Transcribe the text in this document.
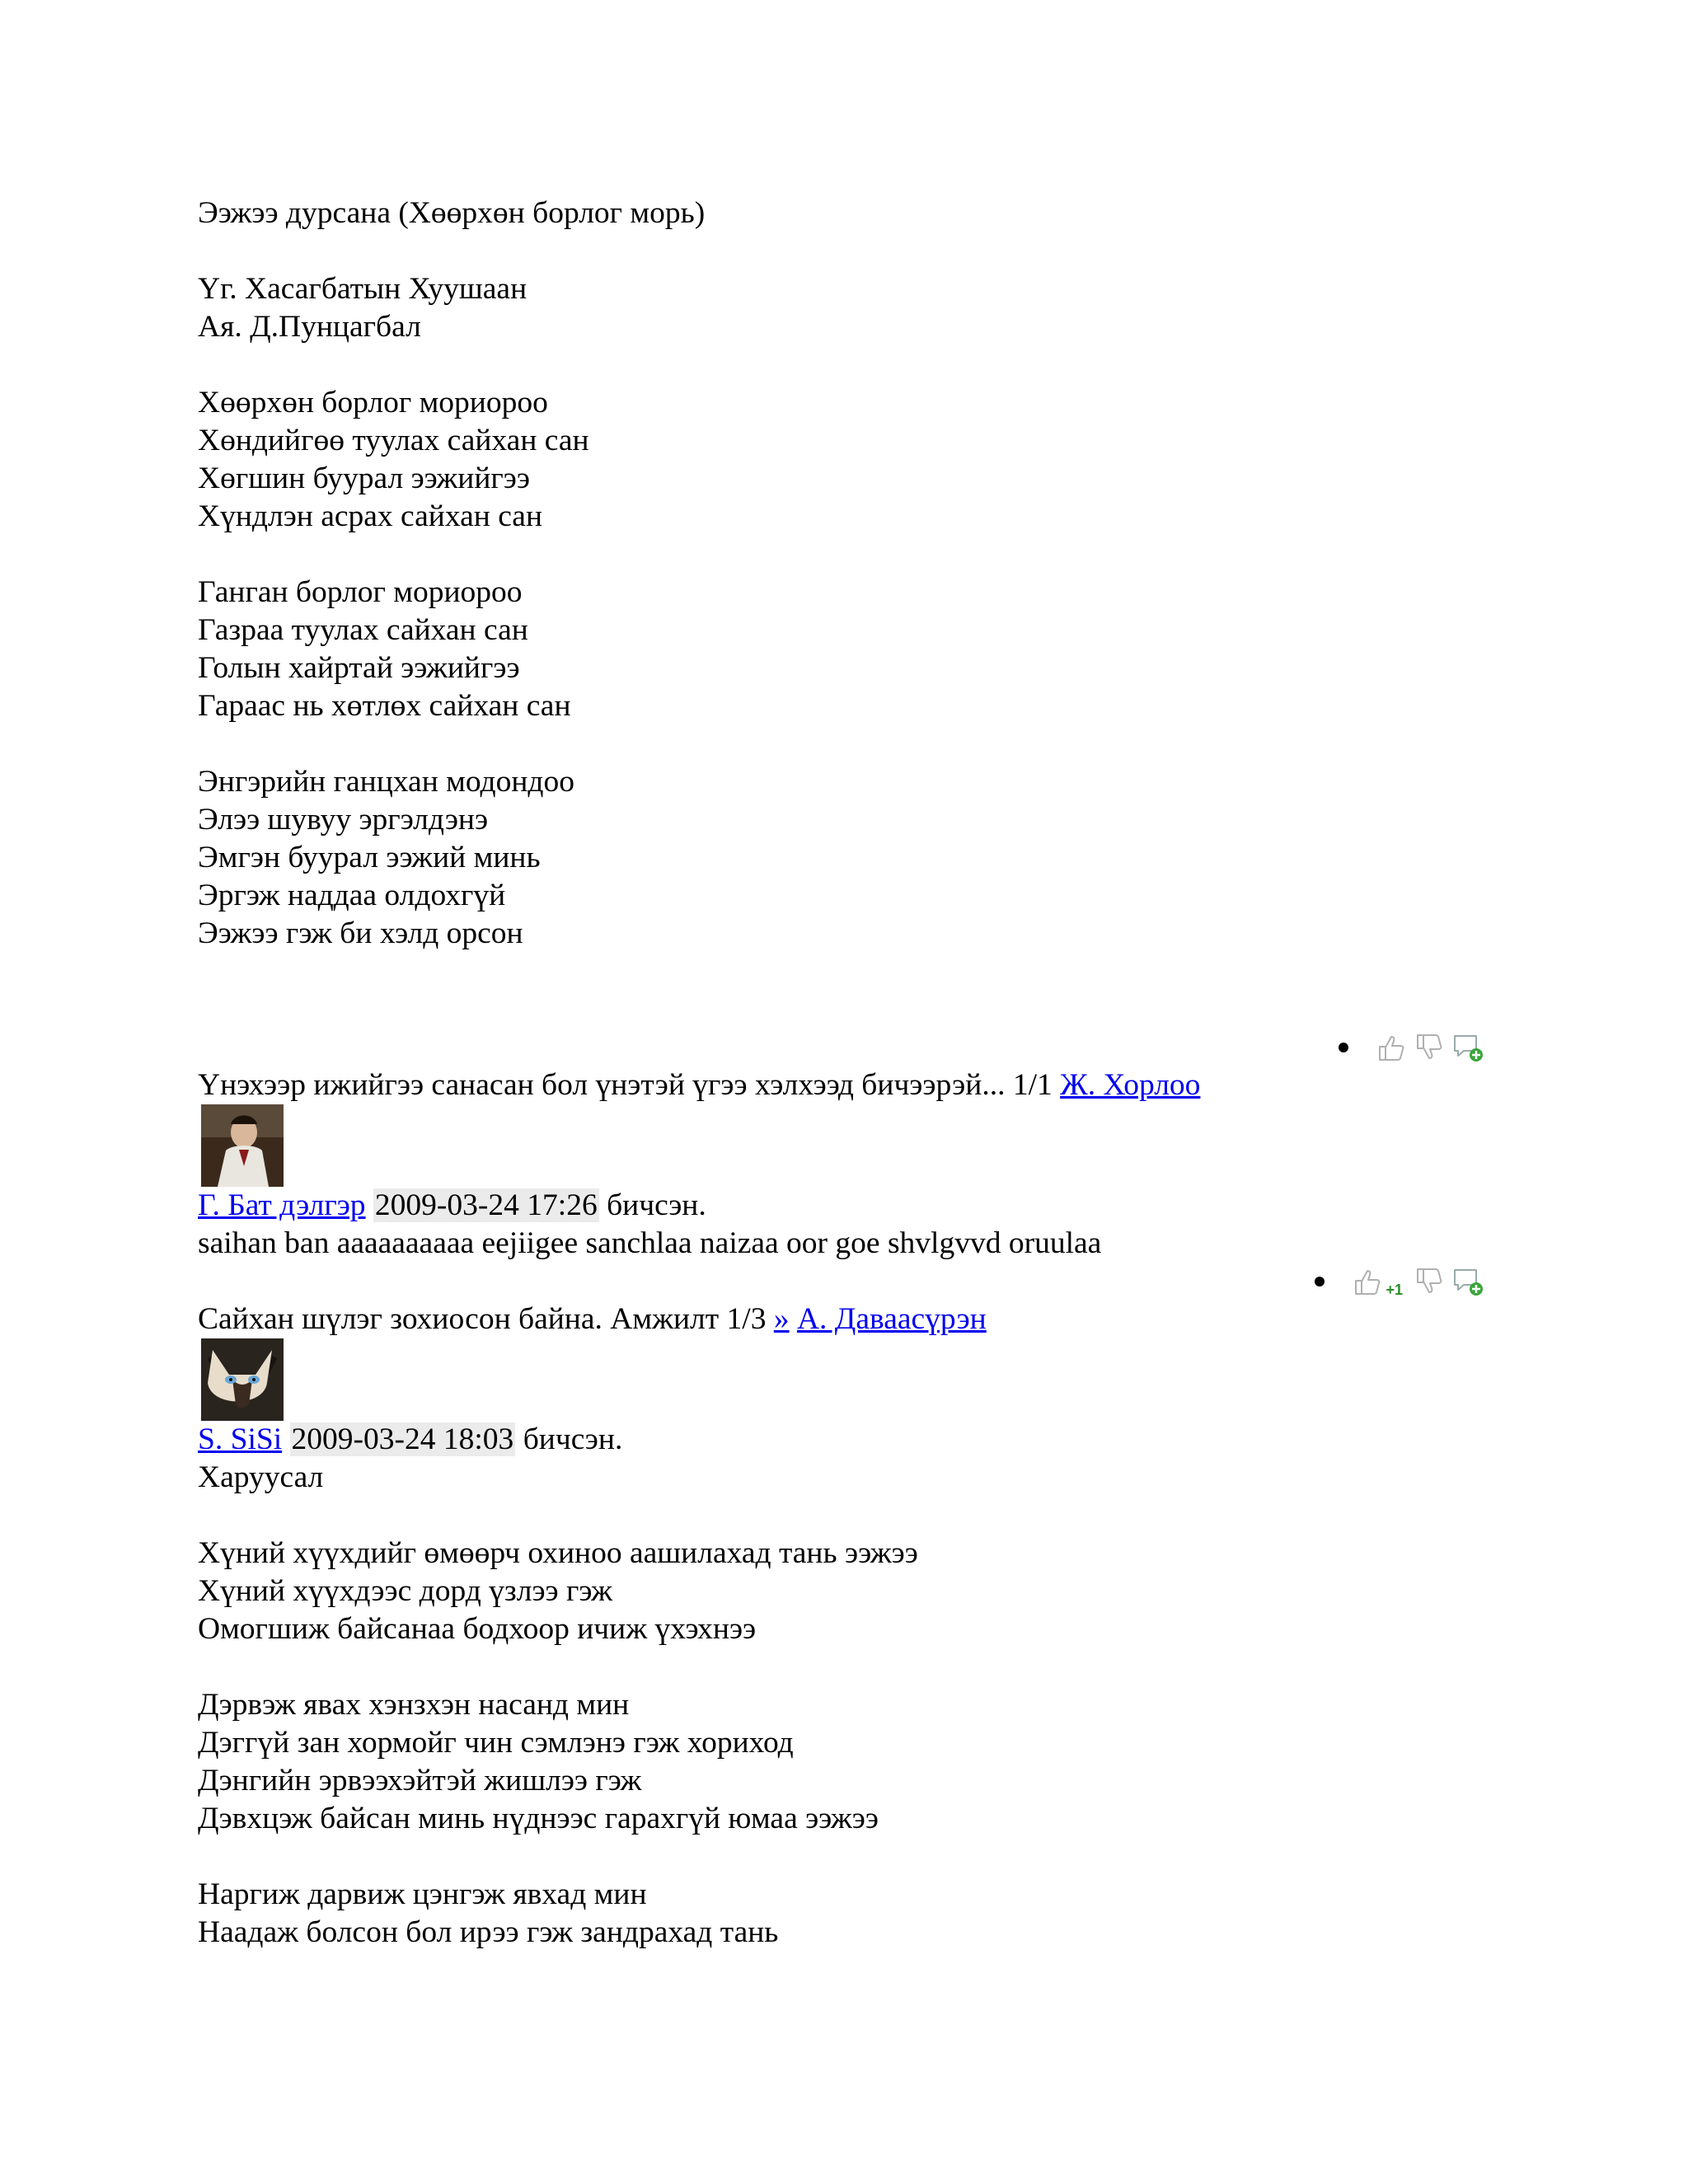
Ээжээ дурсана (Хөөрхөн борлог морь)
Үг. Хасагбатын Хуушаан
Ая. Д.Пунцагбал
Хөөрхөн борлог мориороо
Хөндийгөө туулах сайхан сан
Хөгшин буурал ээжийгээ
Хүндлэн асрах сайхан сан
Ганган борлог мориороо
Газраа туулах сайхан сан
Голын хайртай ээжийгээ
Гараас нь хөтлөх сайхан сан
Энгэрийн ганцхан модондоо
Элээ шувуу эргэлдэнэ
Эмгэн буурал ээжий минь
Эргэж наддаа олдохгүй
Ээжээ гэж би хэлд орсон
Үнэхээр ижийгээ санасан бол үнэтэй үгээ хэлхээд бичээрэй... 1/1 Ж. Хорлоо
Г. Бат дэлгэр 2009-03-24 17:26 бичсэн.
saihan ban aaaaaaaaaa eejiigee sanchlaa naizaa oor goe shvlgvvd oruulaa
+1
Сайхан шүлэг зохиосон байна. Амжилт 1/3 » А. Даваасүрэн
S. SiSi 2009-03-24 18:03 бичсэн.
Харуусал
Хүний хүүхдийг өмөөрч охиноо аашилахад тань ээжээ
Хүний хүүхдээс дорд үзлээ гэж
Омогшиж байсанаа бодхоор ичиж үхэхнээ
Дэрвэж явах хэнзхэн насанд мин
Дэггүй зан хормойг чин сэмлэнэ гэж хориход
Дэнгийн эрвээхэйтэй жишлээ гэж
Дэвхцэж байсан минь нүднээс гарахгүй юмаа ээжээ
Наргиж дарвиж цэнгэж явхад мин
Наадаж болсон бол ирээ гэж зандрахад тань
